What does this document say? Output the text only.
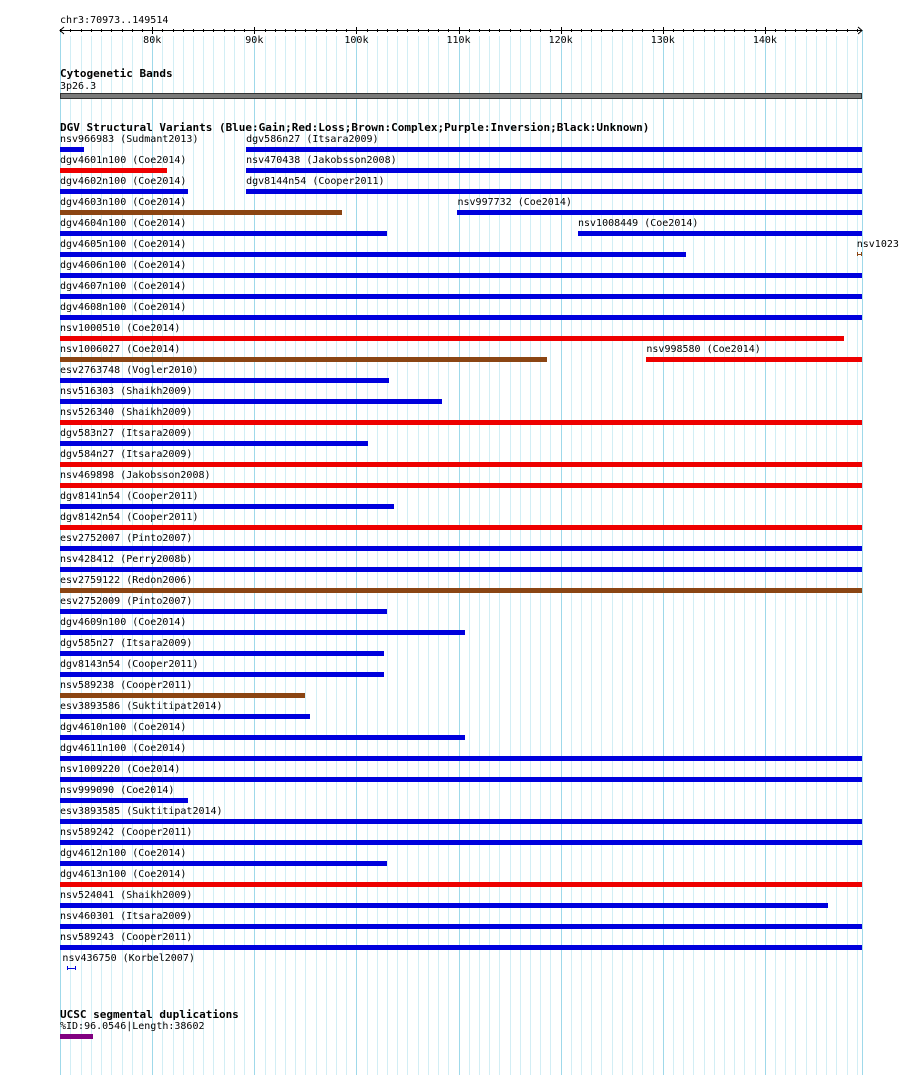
chr3:70973..149514
80k	90k	100k	110k	120k	130k	140k
Cytogenetic Bands
3p26.3
DGV Structural Variants (Blue:Gain;Red:Loss;Brown:Complex;Purple:Inversion;Black:Unknown)
nsv966983 (Sudmant2013)	dgv586n27 (Itsara2009)
dgv4601n100 (Coe2014)	nsv470438 (Jakobsson2008)
dgv4602n100 (Coe2014)	dgv8144n54 (Cooper2011)
dgv4603n100 (Coe2014)	nsv997732 (Coe2014)
dgv4604n100 (Coe2014)	nsv1008449 (Coe2014)
dgv4605n100 (Coe2014)	nsv1023
dgv4606n100 (Coe2014)
dgv4607n100 (Coe2014)
dgv4608n100 (Coe2014)
nsv1000510 (Coe2014)
nsv1006027 (Coe2014)	nsv998580 (Coe2014)
esv2763748 (Vogler2010)
nsv516303 (Shaikh2009)
nsv526340 (Shaikh2009)
dgv583n27 (Itsara2009)
dgv584n27 (Itsara2009)
nsv469898 (Jakobsson2008)
dgv8141n54 (Cooper2011)
dgv8142n54 (Cooper2011)
esv2752007 (Pinto2007)
nsv428412 (Perry2008b)
esv2759122 (Redon2006)
esv2752009 (Pinto2007)
dgv4609n100 (Coe2014)
dgv585n27 (Itsara2009)
dgv8143n54 (Cooper2011)
nsv589238 (Cooper2011)
esv3893586 (Suktitipat2014)
dgv4610n100 (Coe2014)
dgv4611n100 (Coe2014)
nsv1009220 (Coe2014)
nsv999090 (Coe2014)
esv3893585 (Suktitipat2014)
nsv589242 (Cooper2011)
dgv4612n100 (Coe2014)
dgv4613n100 (Coe2014)
nsv524041 (Shaikh2009)
nsv460301 (Itsara2009)
nsv589243 (Cooper2011)
nsv436750 (Korbel2007)
UCSC segmental duplications
%ID:96.0546|Length:38602
